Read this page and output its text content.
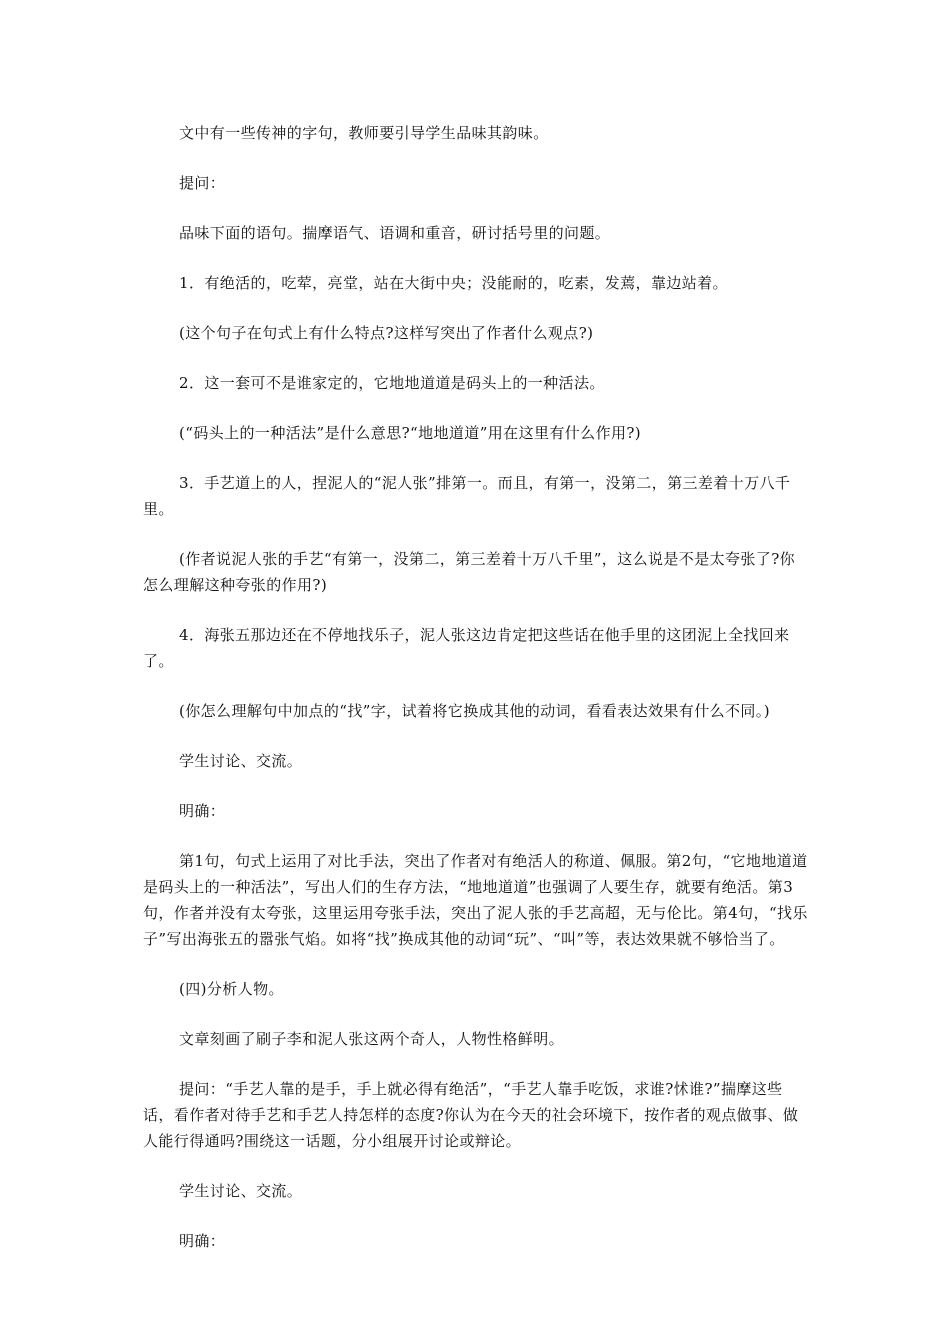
文中有一些传神的字句，教师要引导学生品味其韵味。

提问：

品味下面的语句。揣摩语气、语调和重音，研讨括号里的问题。

1．有绝活的，吃荤，亮堂，站在大街中央；没能耐的，吃素，发蔫，靠边站着。

(这个句子在句式上有什么特点?这样写突出了作者什么观点?)

2．这一套可不是谁家定的，它地地道道是码头上的一种活法。

(“码头上的一种活法”是什么意思?“地地道道”用在这里有什么作用?)

3．手艺道上的人，捏泥人的“泥人张”排第一。而且，有第一，没第二，第三差着十万八千里。

(作者说泥人张的手艺“有第一，没第二，第三差着十万八千里”，这么说是不是太夸张了?你怎么理解这种夸张的作用?)

4．海张五那边还在不停地找乐子，泥人张这边肯定把这些话在他手里的这团泥上全找回来了。

(你怎么理解句中加点的“找”字，试着将它换成其他的动词，看看表达效果有什么不同。)

学生讨论、交流。

明确：

第1句，句式上运用了对比手法，突出了作者对有绝活人的称道、佩服。第2句，“它地地道道是码头上的一种活法”，写出人们的生存方法，“地地道道”也强调了人要生存，就要有绝活。第3句，作者并没有太夸张，这里运用夸张手法，突出了泥人张的手艺高超，无与伦比。第4句，“找乐子”写出海张五的嚣张气焰。如将“找”换成其他的动词“玩”、“叫”等，表达效果就不够恰当了。

(四)分析人物。

文章刻画了刷子李和泥人张这两个奇人，人物性格鲜明。

提问：“手艺人靠的是手，手上就必得有绝活”，“手艺人靠手吃饭，求谁?怵谁?”揣摩这些话，看作者对待手艺和手艺人持怎样的态度?你认为在今天的社会环境下，按作者的观点做事、做人能行得通吗?围绕这一话题，分小组展开讨论或辩论。

学生讨论、交流。

明确：
